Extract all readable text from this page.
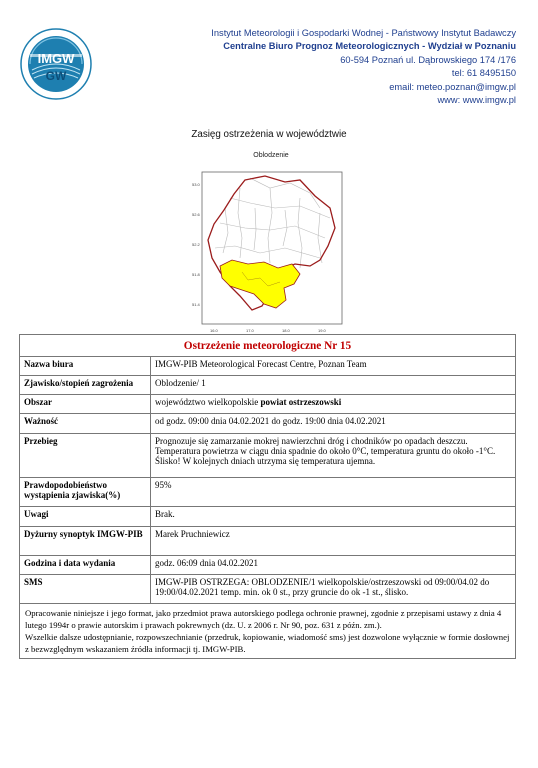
IMGW
GW
Instytut Meteorologii i Gospodarki Wodnej - Państwowy Instytut Badawczy
Centralne Biuro Prognoz Meteorologicznych - Wydział w Poznaniu
60-594 Poznań ul. Dąbrowskiego 174 /176
tel: 61 8495150
email: meteo.poznan@imgw.pl
www: www.imgw.pl
Zasięg ostrzeżenia w województwie
Oblodzenie
53.0
52.6
52.2
51.8
51.4
16.0	17.0	18.0	19.0
Ostrzeżenie meteorologiczne Nr 15	
Nazwa biura	IMGW-PIB Meteorological Forecast Centre, Poznan Team
Zjawisko/stopień zagrożenia	Oblodzenie/ 1
Obszar	województwo wielkopolskie powiat ostrzeszowski
Ważność	od godz. 09:00 dnia 04.02.2021 do godz. 19:00 dnia 04.02.2021
Przebieg	Prognozuje się zamarzanie mokrej nawierzchni dróg i chodników po opadach deszczu. Temperatura powietrza w ciągu dnia spadnie do około 0°C, temperatura gruntu do około -1°C. Ślisko! W kolejnych dniach utrzyma się temperatura ujemna.
Prawdopodobieństwo wystąpienia zjawiska(%)	95%
Uwagi	Brak.
Dyżurny synoptyk IMGW-PIB	Marek Pruchniewicz
Godzina i data wydania	godz. 06:09 dnia 04.02.2021
SMS	IMGW-PIB OSTRZEGA: OBLODZENIE/1 wielkopolskie/ostrzeszowski od 09:00/04.02 do 19:00/04.02.2021 temp. min. ok 0 st., przy gruncie do ok -1 st., ślisko.

Opracowanie niniejsze i jego format, jako przedmiot prawa autorskiego podlega ochronie prawnej, zgodnie z przepisami ustawy z dnia 4 lutego 1994r o prawie autorskim i prawach pokrewnych (dz. U. z 2006 r. Nr 90, poz. 631 z późn. zm.).
Wszelkie dalsze udostępnianie, rozpowszechnianie (przedruk, kopiowanie, wiadomość sms) jest dozwolone wyłącznie w formie dosłownej z bezwzględnym wskazaniem źródła informacji tj. IMGW-PIB.	
